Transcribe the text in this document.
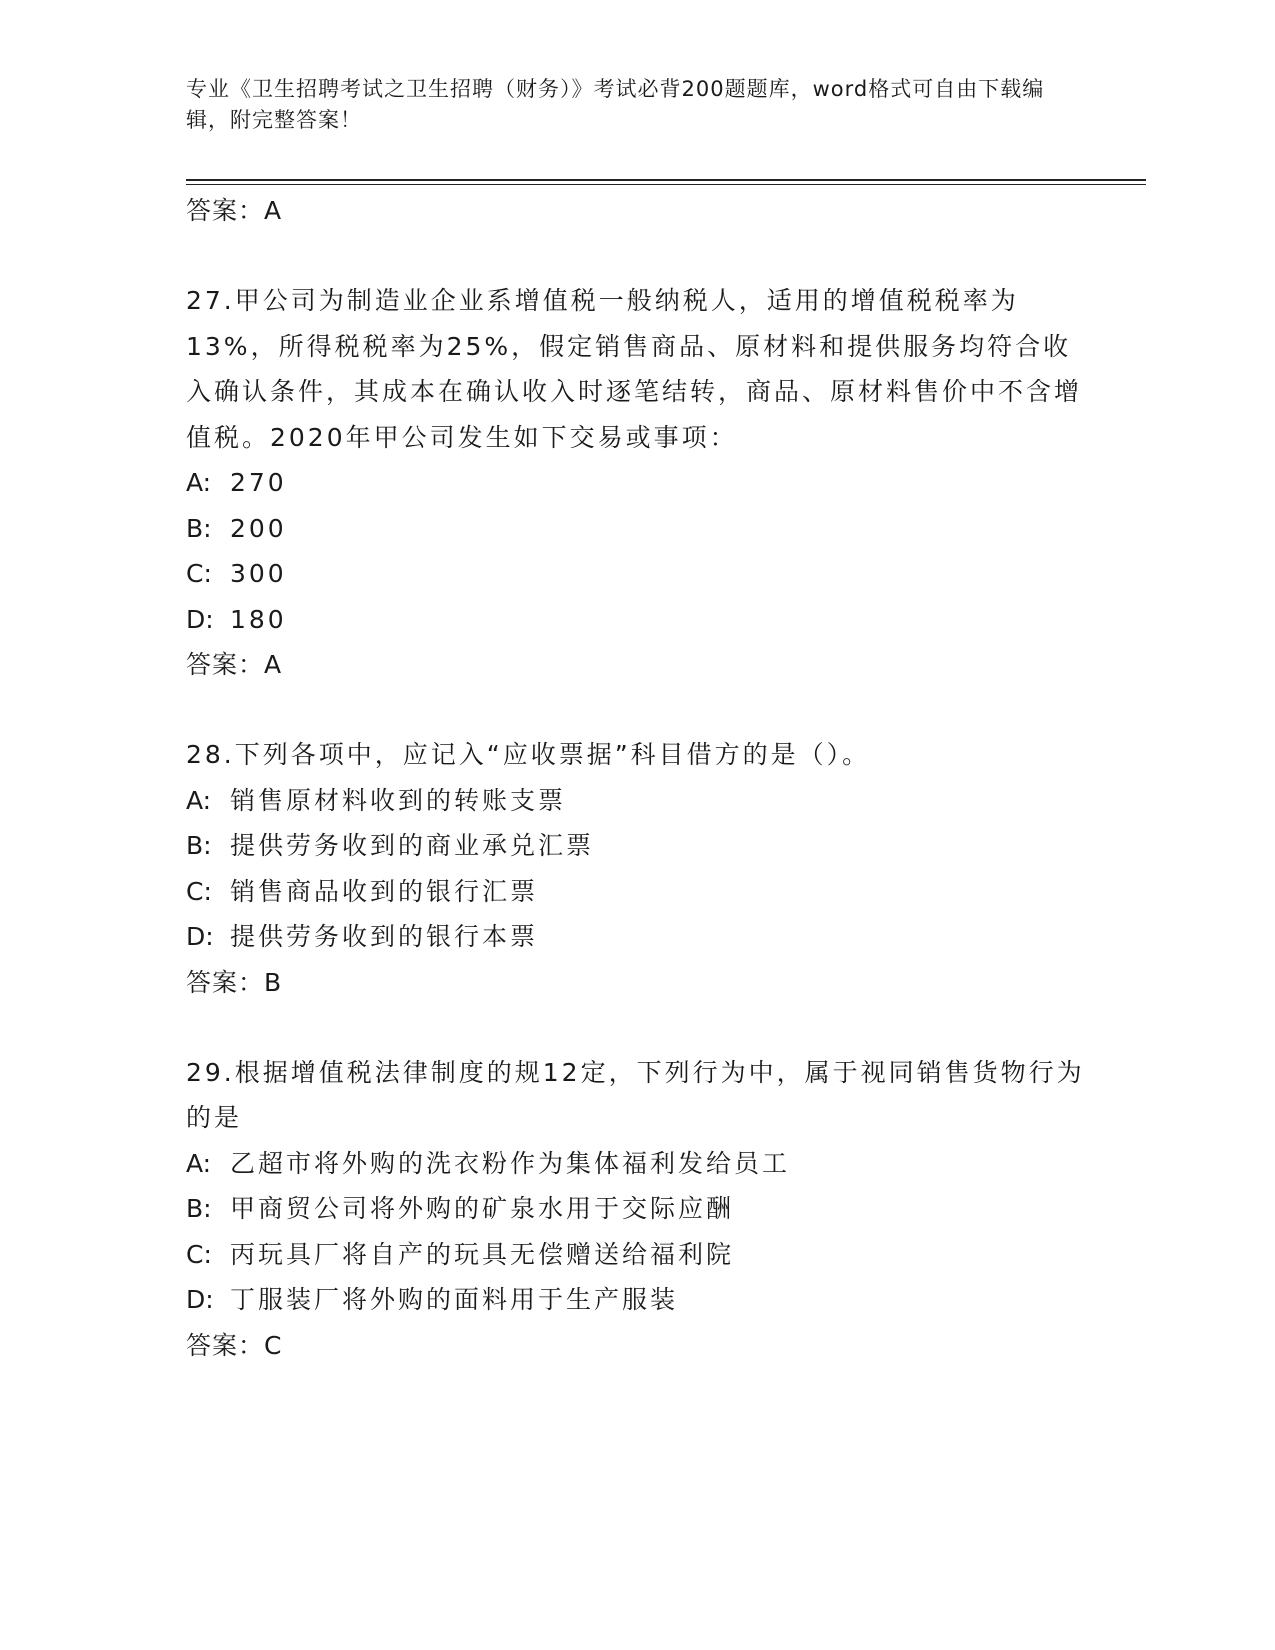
专业《卫生招聘考试之卫生招聘（财务）》考试必背200题题库，word格式可自由下载编辑，附完整答案！
答案：A
27.甲公司为制造业企业系增值税一般纳税人，适用的增值税税率为13%，所得税税率为25%，假定销售商品、原材料和提供服务均符合收入确认条件，其成本在确认收入时逐笔结转，商品、原材料售价中不含增值税。2020年甲公司发生如下交易或事项：
A: 270
B: 200
C: 300
D: 180
答案：A
28.下列各项中，应记入“应收票据”科目借方的是（）。
A: 销售原材料收到的转账支票
B: 提供劳务收到的商业承兑汇票
C: 销售商品收到的银行汇票
D: 提供劳务收到的银行本票
答案：B
29.根据增值税法律制度的规12定，下列行为中，属于视同销售货物行为的是
A: 乙超市将外购的洗衣粉作为集体福利发给员工
B: 甲商贸公司将外购的矿泉水用于交际应酬
C: 丙玩具厂将自产的玩具无偿赠送给福利院
D: 丁服装厂将外购的面料用于生产服装
答案：C
